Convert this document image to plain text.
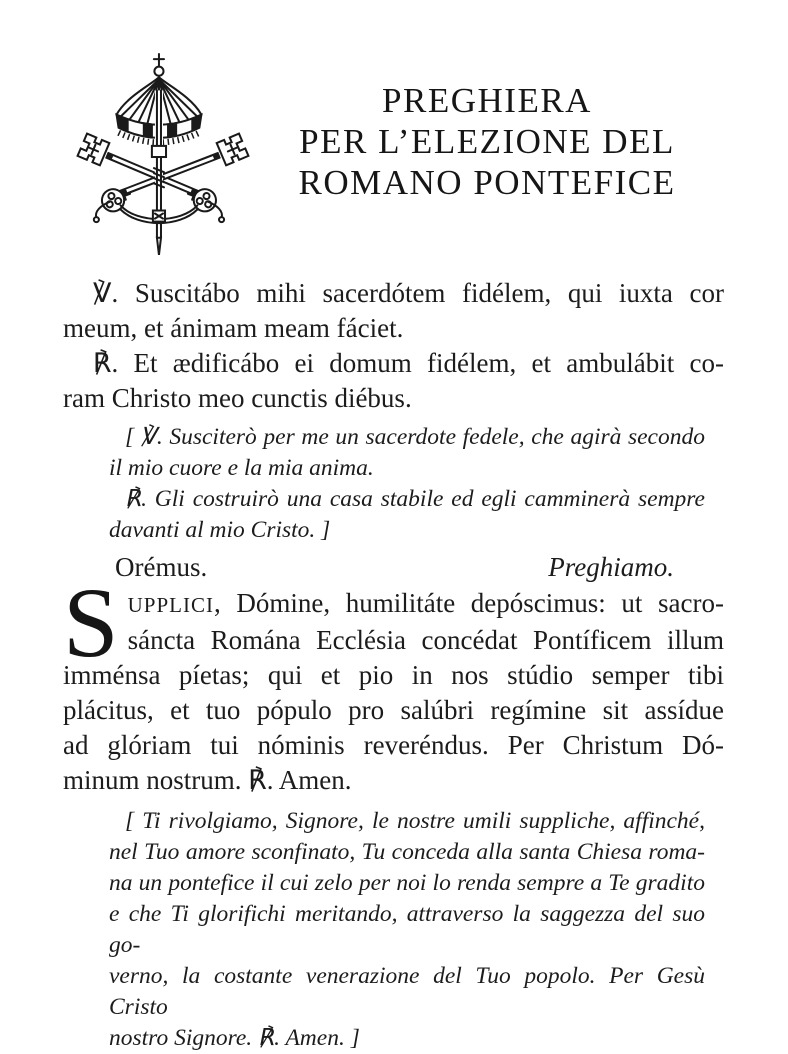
PREGHIERA
PER L’ELEZIONE DEL
ROMANO PONTEFICE
℣. Suscitábo mihi sacerdótem fidélem, qui iuxta cor
meum, et ánimam meam fáciet.
℟. Et ædificábo ei domum fidélem, et ambulábit co-
ram Christo meo cunctis diébus.
[ ℣. Susciterò per me un sacerdote fedele, che agirà secondo
il mio cuore e la mia anima.
℟. Gli costruirò una casa stabile ed egli camminerà sempre
davanti al mio Cristo. ]
Orémus.	Preghiamo.
S UPPLICI, Dómine, humilitáte depóscimus: ut sacro-
sáncta Romána Ecclésia concédat Pontíficem illum
imménsa píetas; qui et pio in nos stúdio semper tibi
plácitus, et tuo pópulo pro salúbri regímine sit assídue
ad glóriam tui nóminis reveréndus. Per Christum Dó-
minum nostrum. ℟. Amen.
[ Ti rivolgiamo, Signore, le nostre umili suppliche, affinché,
nel Tuo amore sconfinato, Tu conceda alla santa Chiesa roma-
na un pontefice il cui zelo per noi lo renda sempre a Te gradito
e che Ti glorifichi meritando, attraverso la saggezza del suo go-
verno, la costante venerazione del Tuo popolo. Per Gesù Cristo
nostro Signore. ℟. Amen. ]
